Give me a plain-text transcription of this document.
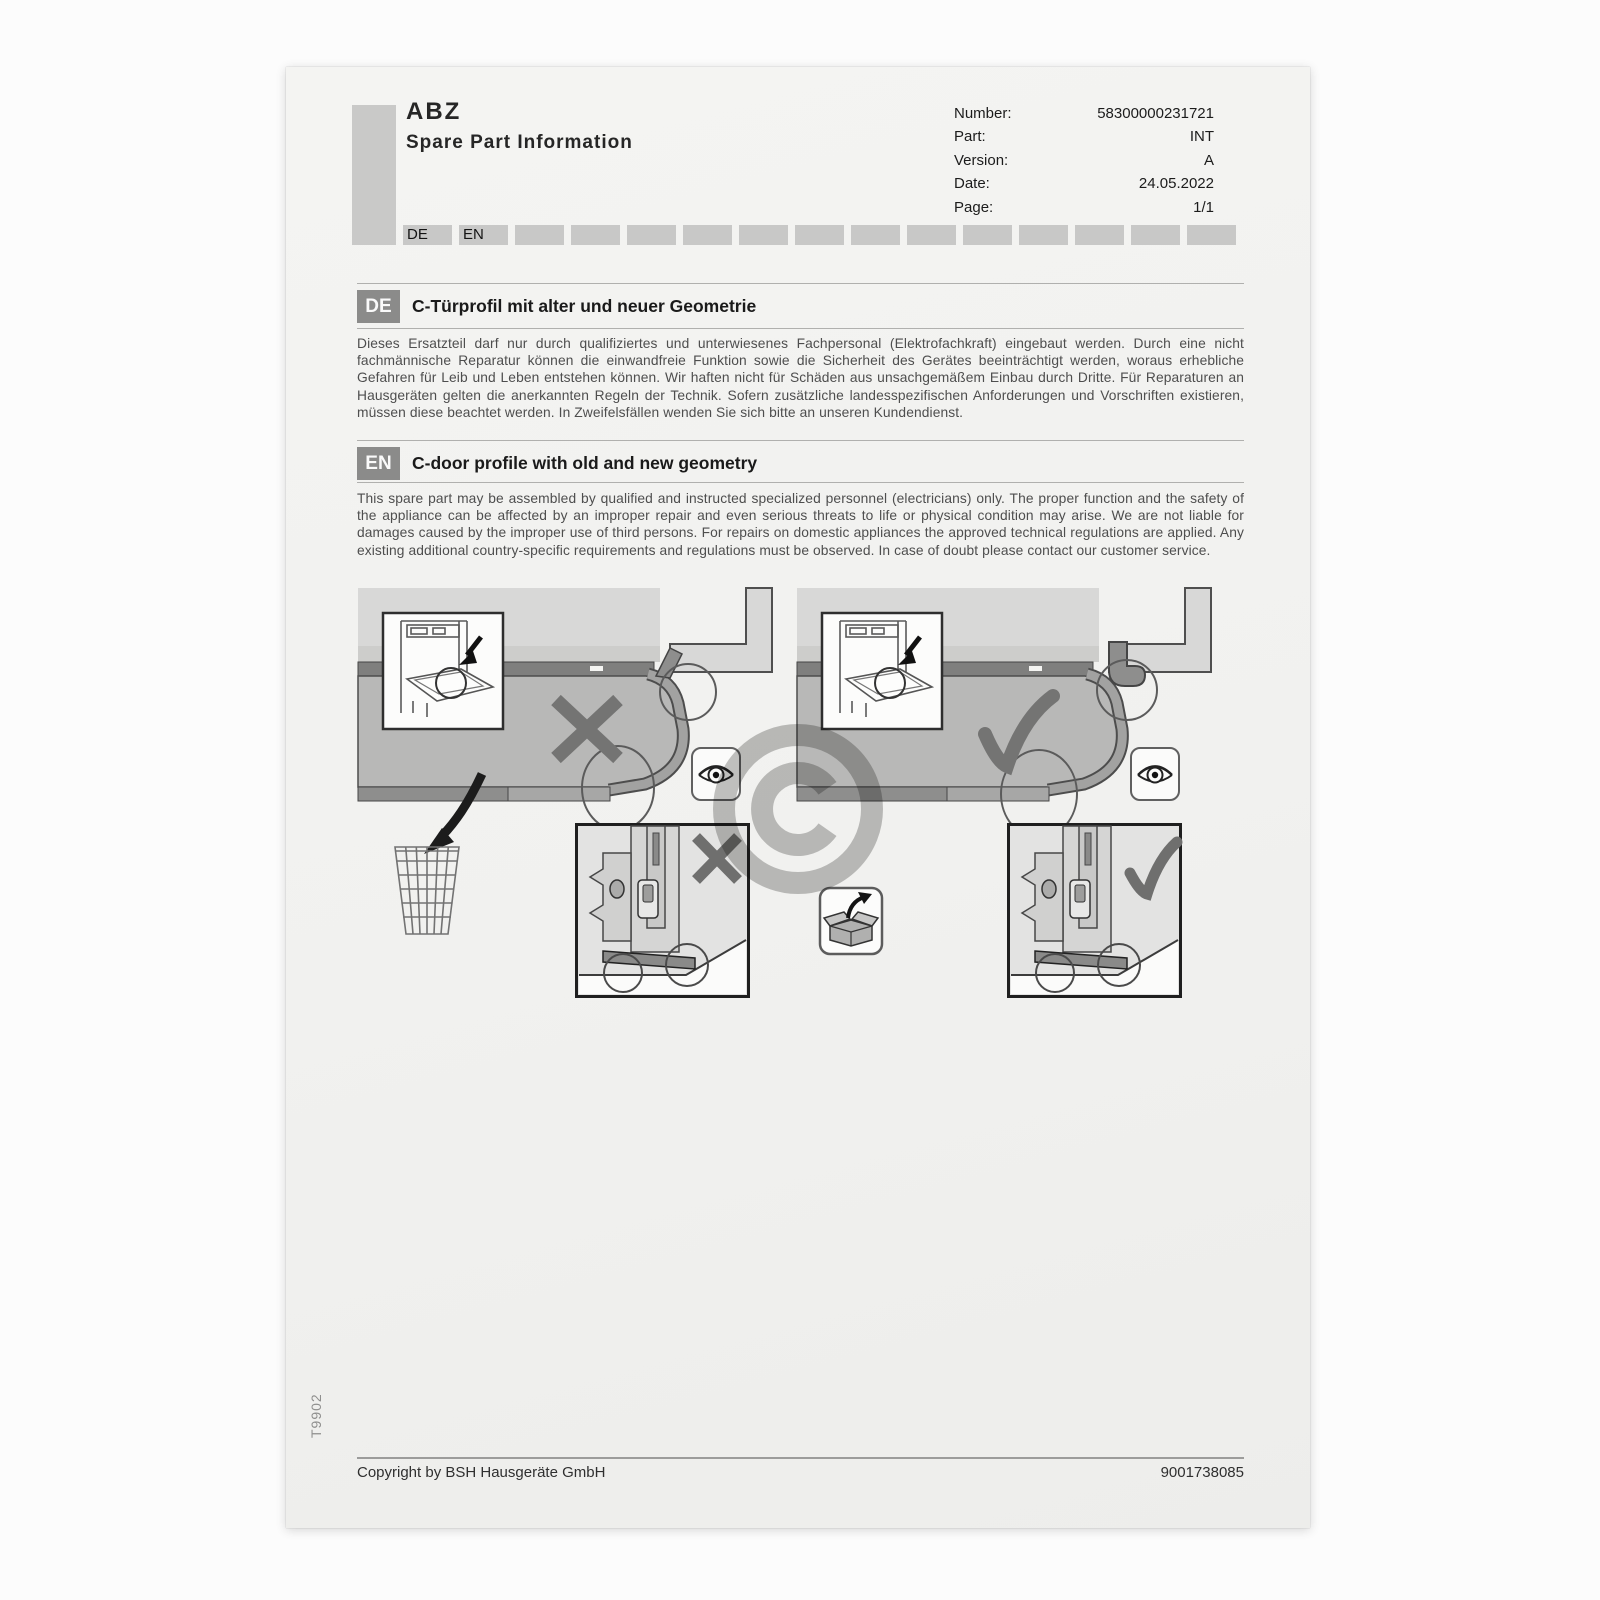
ABZ
Spare Part Information
Number:	58300000231721
Part:	INT
Version:	A
Date:	24.05.2022
Page:	1/1
DE	EN
DE	C-Türprofil mit alter und neuer Geometrie
Dieses Ersatzteil darf nur durch qualifiziertes und unterwiesenes Fachpersonal (Elektrofachkraft) eingebaut werden. Durch eine nicht fachmännische Reparatur können die einwandfreie Funktion sowie die Sicherheit des Gerätes beeinträchtigt werden, woraus erhebliche Gefahren für Leib und Leben entstehen können. Wir haften nicht für Schäden aus unsachgemäßem Einbau durch Dritte. Für Reparaturen an Hausgeräten gelten die anerkannten Regeln der Technik. Sofern zusätzliche landesspezifischen Anforderungen und Vorschriften existieren, müssen diese beachtet werden. In Zweifelsfällen wenden Sie sich bitte an unseren Kundendienst.
EN	C-door profile with old and new geometry
This spare part may be assembled by qualified and instructed specialized personnel (electricians) only. The proper function and the safety of the appliance can be affected by an improper repair and even serious threats to life or physical condition may arise. We are not liable for damages caused by the improper use of third persons. For repairs on domestic appliances the approved technical regulations are applied. Any existing additional country-specific requirements and regulations must be observed. In case of doubt please contact our customer service.
T9902
Copyright by BSH Hausgeräte GmbH	9001738085
